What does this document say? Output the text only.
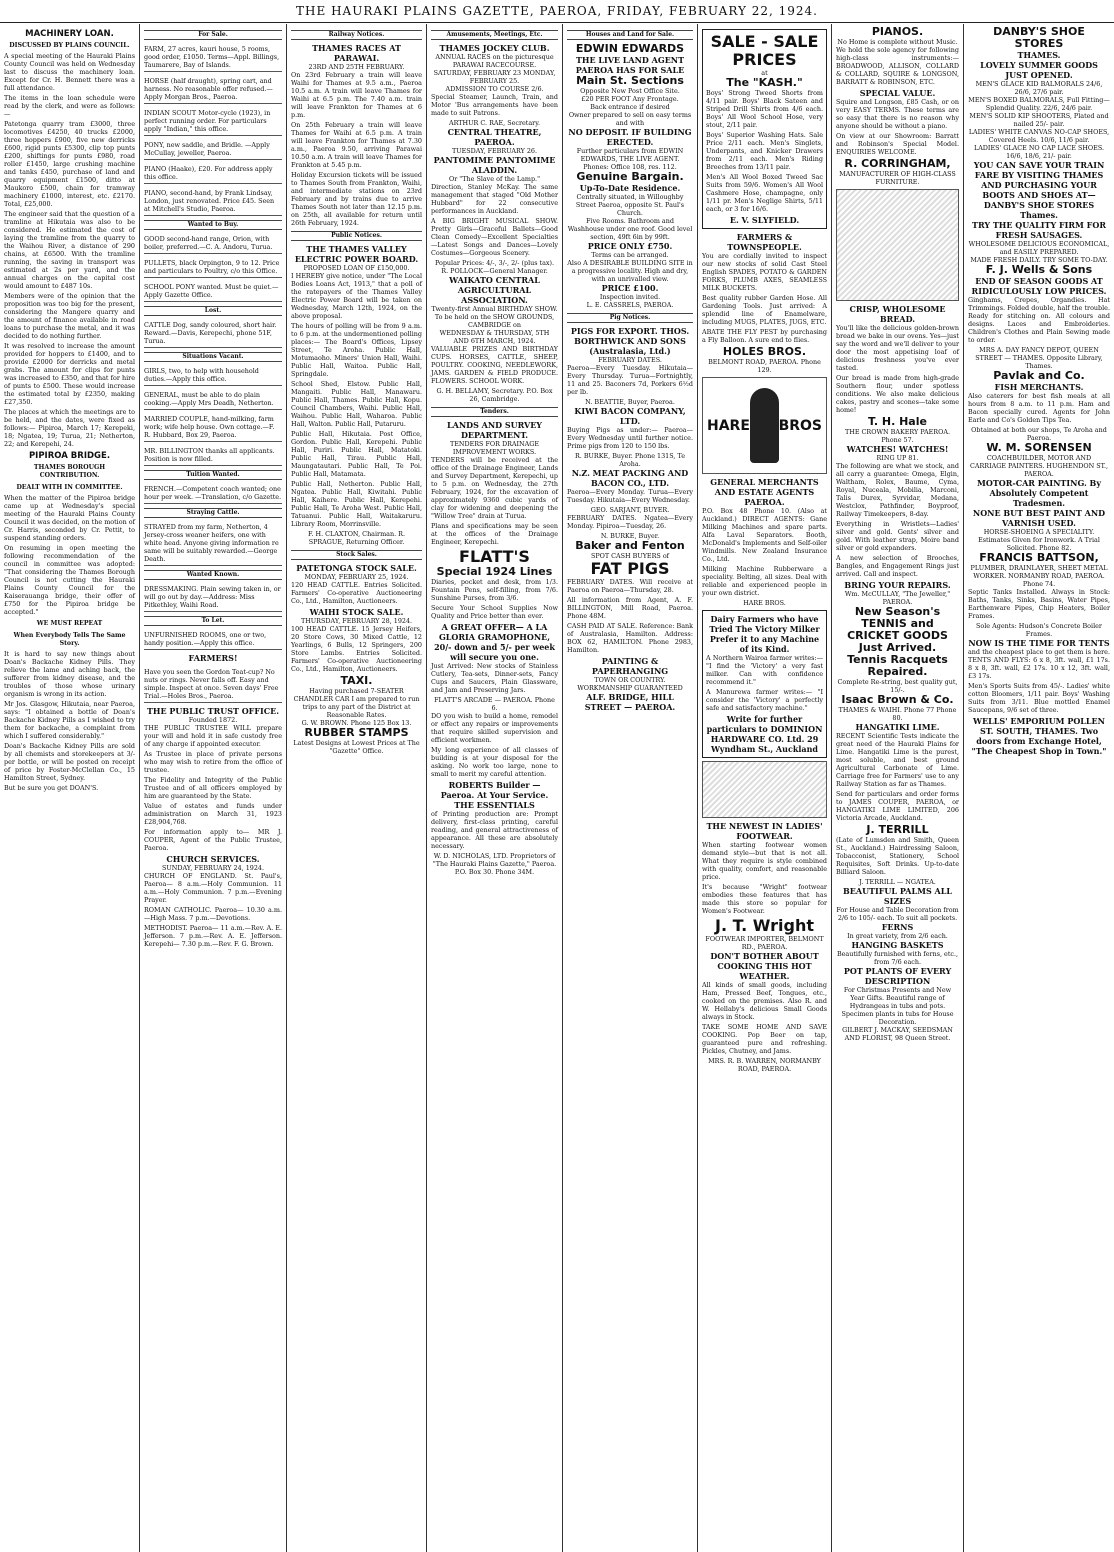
THE HAURAKI PLAINS GAZETTE, PAEROA, FRIDAY, FEBRUARY 22, 1924.
MACHINERY LOAN.
DISCUSSED BY PLAINS COUNCIL.

A special meeting of the Hauraki Plains County Council was held on Wednesday last to discuss the machinery loan. Except for Cr. H. Bennett there was a full attendance.

The items in the loan schedule were read by the clerk, and were as follows:—

Patetonga quarry tram £3000, three locomotives £4250, 40 trucks £2000, three hoppers £900, five new derricks £600, rigid punts £5300, clip top punts £200, shiftings for punts £980, road roller £1450, large crushing machine and tanks £450, purchase of land and quarry equipment £1500, ditto at Maukoro £500, chain for tramway machinery £1000, interest, etc. £2170. Total, £25,000.

The engineer said that the question of a tramline at Hikutaia was also to be considered. He estimated the cost of laying the tramline from the quarry to the Waihou River, a distance of 290 chains, at £6500. With the tramline running, the saving in transport was estimated at 2s per yard, and the annual charges on the capital cost would amount to £487 10s.

Members were of the opinion that the proposition was too big for the present, considering the Mangere quarry and the amount of finance available in road loans to purchase the metal, and it was decided to do nothing further.

It was resolved to increase the amount provided for hoppers to £1400, and to provide £2000 for derricks and metal grabs. The amount for clips for punts was increased to £350, and that for hire of punts to £500. These would increase the estimated total by £2350, making £27,350.

The places at which the meetings are to be held, and the dates, were fixed as follows:— Pipiroa, March 17; Kerepeki, 18; Ngatea, 19; Turua, 21; Netherton, 22; and Kerepehi, 24.

PIPIROA BRIDGE.
THAMES BOROUGH CONTRIBUTION.
DEALT WITH IN COMMITTEE.

When the matter of the Pipiroa bridge came up at Wednesday's special meeting of the Hauraki Plains County Council it was decided, on the motion of Cr. Harris, seconded by Cr. Pettit, to suspend standing orders.

On resuming in open meeting the following recommendation of the council in committee was adopted: "That considering the Thames Borough Council is not cutting the Hauraki Plains County Council for the Kaiserauanga bridge, their offer of £750 for the Pipiroa bridge be accepted."

WE MUST REPEAT
When Everybody Tells The Same Story.

It is hard to say new things about Doan's Backache Kidney Pills. They relieve the lame and aching back, the sufferer from kidney disease, and the troubles of those whose urinary organism is wrong in its action.

Mr Jos. Glasgow, Hikutaia, near Paeroa, says: "I obtained a bottle of Doan's Backache Kidney Pills as I wished to try them for backache, a complaint from which I suffered considerably."

Doan's Backache Kidney Pills are sold by all chemists and storekeepers at 3/- per bottle, or will be posted on receipt of price by Foster-McClellan Co., 15 Hamilton Street, Sydney.

But be sure you get DOAN'S.

For Sale.
FARM, 27 acres, kauri house, 5 rooms, good order, £1050. Terms—Appl. Billings, Taumarere, Bay of Islands.
HORSE (half draught), spring cart, and harness. No reasonable offer refused.—Apply Morgan Bros., Paeroa.
INDIAN SCOUT Motor-cycle (1923), in perfect running order. For particulars apply "Indian," this office.
PONY, new saddle, and Bridle. —Apply McCullay, jeweller, Paeroa.
PIANO (Haake), £20. For address apply this office.
PIANO, second-hand, by Frank Lindsay, London, just renovated. Price £45. Seen at Mitchell's Studio, Paeroa.
Wanted to Buy.
GOOD second-hand range, Orion, with boiler, preferred.—C. A. Andoru, Turua.
PULLETS, black Orpington, 9 to 12. Price and particulars to Poultry, c/o this Office.
SCHOOL PONY wanted. Must be quiet.—Apply Gazette Office.
Lost.
CATTLE Dog, sandy coloured, short hair. Reward.—Davis, Kerepechi, phone 51F, Turua.
Situations Vacant.
GIRLS, two, to help with household duties.—Apply this office.
GENERAL, must be able to do plain cooking.—Apply Mrs Deadh, Netherton.
MARRIED COUPLE, hand-milking, farm work; wife help house. Own cottage.—F. R. Hubbard, Box 29, Paeroa.
MR. BILLINGTON thanks all applicants. Position is now filled.
Tuition Wanted.
FRENCH.—Competent coach wanted; one hour per week. —Translation, c/o Gazette.
Straying Cattle.
STRAYED from my farm, Netherton, 4 Jersey-cross weaner heifers, one with white head. Anyone giving information re same will be suitably rewarded.—George Death.
Wanted Known.
DRESSMAKING. Plain sewing taken in, or will go out by day.—Address: Miss Pitkethley, Waihi Road.
To Let.
UNFURNISHED ROOMS, one or two, handy position.—Apply this office.
FARMERS!
Have you seen the Gordon Teat-cup? No nuts or rings. Never falls off. Easy and simple. Inspect at once. Seven days' Free Trial.—Holes Bros., Paeroa.
THE PUBLIC TRUST OFFICE.
Founded 1872.

THE PUBLIC TRUSTEE WILL prepare your will and hold it in safe custody free of any charge if appointed executor.

As Trustee in place of private persons who may wish to retire from the office of trustee.

The Fidelity and Integrity of the Public Trustee and of all officers employed by him are guaranteed by the State.

Value of estates and funds under administration on March 31, 1923 £28,904,768.

For information apply to— MR J. COUPER, Agent of the Public Trustee, Paeroa.

CHURCH SERVICES.
SUNDAY, FEBRUARY 24, 1924.

CHURCH OF ENGLAND. St. Paul's, Paeroa— 8 a.m.—Holy Communion. 11 a.m.—Holy Communion. 7 p.m.—Evening Prayer.

ROMAN CATHOLIC. Paeroa— 10.30 a.m.—High Mass. 7 p.m.—Devotions.

METHODIST. Paeroa— 11 a.m.—Rev. A. E. Jefferson. 7 p.m.—Rev. A. E. Jefferson. Kerepehi— 7.30 p.m.—Rev. F. G. Brown.

Railway Notices.
THAMES RACES AT PARAWAI.
23RD AND 25TH FEBRUARY.

On 23rd February a train will leave Waihi for Thames at 9.5 a.m., Paeroa 10.5 a.m. A train will leave Thames for Waihi at 6.5 p.m. The 7.40 a.m. train will leave Frankton for Thames at 6 p.m.

On 25th February a train will leave Thames for Waihi at 6.5 p.m. A train will leave Frankton for Thames at 7.30 a.m., Paeroa 9.50, arriving Parawai 10.50 a.m. A train will leave Thames for Frankton at 5.45 p.m.

Holiday Excursion tickets will be issued to Thames South from Frankton, Waihi, and intermediate stations on 23rd February and by trains due to arrive Thames South not later than 12.15 p.m. on 25th, all available for return until 26th February, 1924.

Public Notices.
THE THAMES VALLEY ELECTRIC POWER BOARD.
PROPOSED LOAN OF £150,000.

I HEREBY give notice, under "The Local Bodies Loans Act, 1913," that a poll of the ratepayers of the Thames Valley Electric Power Board will be taken on Wednesday, March 12th, 1924, on the above proposal.

The hours of polling will be from 9 a.m. to 6 p.m. at the undermentioned polling places:— The Board's Offices, Lipsey Street, Te Aroha. Public Hall, Motumaoho. Miners' Union Hall, Waihi. Public Hall, Waitoa. Public Hall, Springdale.

School Shed, Elstow. Public Hall, Mangaiti. Public Hall, Manawaru. Public Hall, Thames. Public Hall, Kopu. Council Chambers, Waihi. Public Hall, Waihou. Public Hall, Waharoa. Public Hall, Walton. Public Hall, Putaruru.

Public Hall, Hikutaia. Post Office, Gordon. Public Hall, Kerepehi. Public Hall, Puriri. Public Hall, Matatoki. Public Hall, Tirau. Public Hall, Maungatautari. Public Hall, Te Poi. Public Hall, Matamata.

Public Hall, Netherton. Public Hall, Ngatea. Public Hall, Kiwitahi. Public Hall, Kaihere. Public Hall, Kerepehi. Public Hall, Te Aroha West. Public Hall, Tatuanui. Public Hall, Waitakaruru. Library Room, Morrinsville.

F. H. CLAXTON, Chairman. R. SPRAGUE, Returning Officer.
Stock Sales.
PATETONGA STOCK SALE.
MONDAY, FEBRUARY 25, 1924.

120 HEAD CATTLE. Entries Solicited. Farmers' Co-operative Auctioneering Co., Ltd., Hamilton, Auctioneers.

WAIHI STOCK SALE.
THURSDAY, FEBRUARY 28, 1924.

100 HEAD CATTLE. 15 Jersey Heifers, 20 Store Cows, 30 Mixed Cattle, 12 Yearlings, 6 Bulls, 12 Springers, 200 Store Lambs. Entries Solicited. Farmers' Co-operative Auctioneering Co., Ltd., Hamilton, Auctioneers.

TAXI.
Having purchased 7-SEATER CHANDLER CAR I am prepared to run trips to any part of the District at Reasonable Rates.
G. W. BROWN. Phone 125 Box 13.
RUBBER STAMPS
Latest Designs at Lowest Prices at The "Gazette" Office.
Amusements, Meetings, Etc.
THAMES JOCKEY CLUB.
ANNUAL RACES on the picturesque PARAWAI RACECOURSE.
SATURDAY, FEBRUARY 23 MONDAY, FEBRUARY 25.
ADMISSION TO COURSE 2/6.

Special Steamer, Launch, Train, and Motor 'Bus arrangements have been made to suit Patrons.

ARTHUR C. RAE, Secretary.
CENTRAL THEATRE, PAEROA.
TUESDAY, FEBRUARY 26.
PANTOMIME PANTOMIME ALADDIN.
Or "The Slave of the Lamp."

Direction, Stanley McKay. The same management that staged "Old Mother Hubbard" for 22 consecutive performances in Auckland.

A BIG BRIGHT MUSICAL SHOW. Pretty Girls—Graceful Ballets—Good Clean Comedy—Excellent Specialties—Latest Songs and Dances—Lovely Costumes—Gorgeous Scenery.

Popular Prices: 4/-, 3/-, 2/- (plus tax).
R. POLLOCK—General Manager.
WAIKATO CENTRAL AGRICULTURAL ASSOCIATION.
Twenty-first Annual BIRTHDAY SHOW. To be held on the SHOW GROUNDS, CAMBRIDGE on
WEDNESDAY & THURSDAY, 5TH AND 6TH MARCH, 1924.

VALUABLE PRIZES AND BIRTHDAY CUPS. HORSES, CATTLE, SHEEP, POULTRY. COOKING, NEEDLEWORK, JAMS. GARDEN & FIELD PRODUCE. FLOWERS. SCHOOL WORK.

G. H. BELLAMY, Secretary. P.O. Box 26, Cambridge.
Tenders.
LANDS AND SURVEY DEPARTMENT.
TENDERS FOR DRAINAGE IMPROVEMENT WORKS.

TENDERS will be received at the office of the Drainage Engineer, Lands and Survey Department, Kerepechi, up to 5 p.m. on Wednesday, the 27th February, 1924, for the excavation of approximately 9360 cubic yards of clay for widening and deepening the "Willow Tree" drain at Turua.

Plans and specifications may be seen at the offices of the Drainage Engineer, Kerepechi.

FLATT'S
Special 1924 Lines

Diaries, pocket and desk, from 1/3. Fountain Pens, self-filling, from 7/6. Sunshine Purses, from 3/6.

Secure Your School Supplies Now Quality and Price better than ever.

A GREAT OFFER— A LA GLORIA GRAMOPHONE, 20/- down and 5/- per week will secure you one.

Just Arrived: New stocks of Stainless Cutlery, Tea-sets, Dinner-sets, Fancy Cups and Saucers, Plain Glassware, and Jam and Preserving Jars.

FLATT'S ARCADE — PAEROA. Phone 6.

DO you wish to build a home, remodel or effect any repairs or improvements that require skilled supervision and efficient workmen.

My long experience of all classes of building is at your disposal for the asking. No work too large, none to small to merit my careful attention.

ROBERTS Builder — Paeroa. At Your Service.
THE ESSENTIALS

of Printing production are: Prompt delivery, first-class printing, careful reading, and general attractiveness of appearance. All these are absolutely necessary.

W. D. NICHOLAS, LTD. Proprietors of "The Hauraki Plains Gazette," Paeroa. P.O. Box 30. Phone 34M.
Houses and Land for Sale.
EDWIN EDWARDS
THE LIVE LAND AGENT PAEROA HAS FOR SALE
Main St. Sections
Opposite New Post Office Site.
£20 PER FOOT Any Frontage.
Back entrance if desired
Owner prepared to sell on easy terms and with
NO DEPOSIT. IF BUILDING ERECTED.
Further particulars from EDWIN EDWARDS, THE LIVE AGENT. Phones: Office 108, res. 112.
Genuine Bargain.
Up-To-Date Residence.
Centrally situated, in Willoughby Street Paeroa, opposite St. Paul's Church.
Five Rooms. Bathroom and Washhouse under one roof. Good level section, 49ft 6in by 99ft.
PRICE ONLY £750.
Terms can be arranged.
Also A DESIRABLE BUILDING SITE in a progressive locality. High and dry, with an unrivalled view.
PRICE £100.
Inspection invited.
L. E. CASSRELS, PAEROA.
Pig Notices.
PIGS FOR EXPORT. THOS. BORTHWICK AND SONS (Australasia, Ltd.)
FEBRUARY DATES.

Paeroa—Every Tuesday. Hikutaia—Every Thursday. Turua—Fortnightly, 11 and 25. Baconers 7d, Porkers 6½d per lb.

N. BEATTIE, Buyer, Paeroa.
KIWI BACON COMPANY, LTD.

Buying Pigs as under:— Paeroa—Every Wednesday until further notice. Prime pigs from 120 to 150 lbs.

R. BURKE, Buyer. Phone 131S, Te Aroha.
N.Z. MEAT PACKING AND BACON CO., LTD.

Paeroa—Every Monday. Turua—Every Tuesday. Hikutaia—Every Wednesday.

GEO. SARJANT, BUYER.

FEBRUARY DATES. Ngatea—Every Monday. Pipiroa—Tuesday, 26.

N. BURKE, Buyer.
Baker and Fenton
SPOT CASH BUYERS of
FAT PIGS

FEBRUARY DATES. Will receive at Paeroa on Paeroa—Thursday, 28.

All information from Agent, A. F. BILLINGTON, Mill Road, Paeroa. Phone 48M.

CASH PAID AT SALE. Reference: Bank of Australasia, Hamilton. Address: BOX 62, HAMILTON. Phone 2983, Hamilton.

PAINTING & PAPERHANGING
TOWN OR COUNTRY. WORKMANSHIP GUARANTEED
ALF. BRIDGE, HILL STREET — PAEROA.
SALE - SALE
PRICES
at
The "KASH."

Boys' Strong Tweed Shorts from 4/11 pair. Boys' Black Sateen and Striped Drill Shirts from 4/6 each. Boys' All Wool School Hose, very stout, 2/11 pair.

Boys' Superior Washing Hats. Sale Price 2/11 each. Men's Singlets, Underpants, and Knicker Drawers from 2/11 each. Men's Riding Breeches from 13/11 pair.

Men's All Wool Boxed Tweed Sac Suits from 59/6. Women's All Wool Cashmere Hose, champagne, only 1/11 pr. Men's Neglige Shirts, 5/11 each, or 3 for 16/6.

E. V. SLYFIELD.
FARMERS & TOWNSPEOPLE.

You are cordially invited to inspect our new stocks of solid Cast Steel English SPADES, POTATO & GARDEN FORKS, PLUMB AXES, SEAMLESS MILK BUCKETS.

Best quality rubber Garden Hose. All Gardening Tools. Just arrived: A splendid line of Enamelware, including MUGS, PLATES, JUGS, ETC.

ABATE THE FLY PEST by purchasing a Fly Balloon. A sure end to flies.

HOLES BROS.
BELMONT ROAD, PAEROA. Phone 129.
HARE BROS
GENERAL MERCHANTS AND ESTATE AGENTS PAEROA.

P.O. Box 48 Phone 10. (Also at Auckland.) DIRECT AGENTS: Gane Milking Machines and spare parts. Alfa Laval Separators. Booth, McDonald's Implements and Self-oiler Windmills. New Zealand Insurance Co., Ltd.

Milking Machine Rubberware a speciality. Belting, all sizes. Deal with reliable and experienced people in your own district.

HARE BROS.
Dairy Farmers who have Tried The Victory Milker Prefer it to any Machine of its Kind.

A Northern Wairoa farmer writes:— "I find the 'Victory' a very fast milker. Can with confidence recommend it."

A Manurewa farmer writes:— "I consider the 'Victory' a perfectly safe and satisfactory machine."

Write for further particulars to DOMINION HARDWARE CO. Ltd. 29 Wyndham St., Auckland
THE NEWEST IN LADIES' FOOTWEAR.

When starting footwear women demand style—but that is not all. What they require is style combined with quality, comfort, and reasonable price.

It's because "Wright" footwear embodies these features that has made this store so popular for Women's Footwear.

J. T. Wright
FOOTWEAR IMPORTER, BELMONT RD., PAEROA.
DON'T BOTHER ABOUT COOKING THIS HOT WEATHER.

All kinds of small goods, including Ham, Pressed Beef, Tongues, etc., cooked on the premises. Also R. and W. Hellaby's delicious Small Goods always in Stock.

TAKE SOME HOME AND SAVE COOKING. Pop Beer on tap, guaranteed pure and refreshing. Pickles, Chutney, and Jams.

MRS. R. B. WARREN, NORMANBY ROAD, PAEROA.
PIANOS.
No Home is complete without Music.

We hold the sole agency for following high-class instruments:— BROADWOOD, ALLISON, COLLARD & COLLARD, SQUIRE & LONGSON, BARRATT & ROBINSON, ETC.

SPECIAL VALUE.

Squire and Longson, £85 Cash, or on very EASY TERMS. These terms are so easy that there is no reason why anyone should be without a piano.

On view at our Showroom: Barratt and Robinson's Special Model. ENQUIRIES WELCOME.

R. CORRINGHAM,
MANUFACTURER OF HIGH-CLASS FURNITURE.
CRISP, WHOLESOME BREAD.

You'll like the delicious golden-brown bread we bake in our ovens. Yes—just say the word and we'll deliver to your door the most appetising loaf of delicious freshness you've ever tasted.

Our bread is made from high-grade Southern flour, under spotless conditions. We also make delicious cakes, pastry and scones—take some home!

T. H. Hale
THE CROWN BAKERY PAEROA. Phone 57.
WATCHES! WATCHES!
RING UP 81.

The following are what we stock, and all carry a guarantee: Omega, Elgin, Waltham, Rolex, Baume, Cyma, Royal, Nuceala, Mobilia, Marconi, Talis Durex, Syrvidar, Medana, Westclox, Pathfinder, Boyproof, Railway Timekeepers, 8-day.

Everything in Wristlets—Ladies' silver and gold. Gents' silver and gold. With leather strap, Moire band silver or gold expanders.

A new selection of Brooches, Bangles, and Engagement Rings just arrived. Call and inspect.

BRING YOUR REPAIRS.
Wm. McCULLAY, "The Jeweller," PAEROA.
New Season's TENNIS and CRICKET GOODS
Just Arrived.
Tennis Racquets Repaired.
Complete Re-string, best quality gut, 15/-.
Isaac Brown & Co.
THAMES & WAIHI. Phone 77 Phone 80.
HANGATIKI LIME.

RECENT Scientific Tests indicate the great need of the Hauraki Plains for Lime. Hangatiki Lime is the purest, most soluble, and best ground Agricultural Carbonate of Lime. Carriage free for Farmers' use to any Railway Station as far as Thames.

Send for particulars and order forms to JAMES COUPER, PAEROA, or HANGATIKI LIME LIMITED, 206 Victoria Arcade, Auckland.

J. TERRILL

(Late of Lumsden and Smith, Queen St., Auckland.) Hairdressing Saloon, Tobacconist, Stationery, School Requisites, Soft Drinks. Up-to-date Billiard Saloon.

J. TERRILL — NGATEA.
BEAUTIFUL PALMS ALL SIZES
For House and Table Decoration from 2/6 to 105/- each. To suit all pockets.
FERNS
In great variety, from 2/6 each.
HANGING BASKETS
Beautifully furnished with ferns, etc., from 7/6 each.
POT PLANTS OF EVERY DESCRIPTION
For Christmas Presents and New Year Gifts. Beautiful range of Hydrangeas in tubs and pots. Specimen plants in tubs for House Decoration.
GILBERT J. MACKAY, SEEDSMAN AND FLORIST, 98 Queen Street.
DANBY'S SHOE STORES
THAMES.
LOVELY SUMMER GOODS JUST OPENED.
MEN'S GLACE KID BALMORALS 24/6, 26/6, 27/6 pair.
MEN'S BOXED BALMORALS, Full Fitting—Splendid Quality. 22/6, 24/6 pair.
MEN'S SOLID KIP SHOOTERS, Plated and nailed 25/- pair.
LADIES' WHITE CANVAS NO-CAP SHOES, Covered Heels. 10/6, 11/6 pair.
LADIES' GLACE NO CAP LACE SHOES. 16/6, 18/6, 21/- pair.
YOU CAN SAVE YOUR TRAIN FARE BY VISITING THAMES AND PURCHASING YOUR BOOTS AND SHOES AT—
DANBY'S SHOE STORES Thames.
TRY THE QUALITY FIRM FOR FRESH SAUSAGES.
WHOLESOME DELICIOUS ECONOMICAL, and EASILY PREPARED.
MADE FRESH DAILY. TRY SOME TO-DAY.
F. J. Wells & Sons
END OF SEASON GOODS AT RIDICULOUSLY LOW PRICES.

Ginghams, Crepes, Organdies. Hat Trimmings. Folded double, half the trouble. Ready for stitching on. All colours and designs. Laces and Embroideries. Children's Clothes and Plain Sewing made to order.

MRS A. DAY FANCY DEPOT, QUEEN STREET — THAMES. Opposite Library, Thames.
Pavlak and Co.
FISH MERCHANTS.

Also caterers for best fish meals at all hours from 8 a.m. to 11 p.m. Ham and Bacon specially cured. Agents for John Earle and Co's Golden Tips Tea.

Obtained at both our shops, Te Aroha and Paeroa.
W. M. SORENSEN
COACHBUILDER, MOTOR AND CARRIAGE PAINTERS. HUGHENDON ST., PAEROA.
MOTOR-CAR PAINTING. By Absolutely Competent Tradesmen.
NONE BUT BEST PAINT AND VARNISH USED.
HORSE-SHOEING A SPECIALITY. Estimates Given for Ironwork. A Trial Solicited. Phone 82.
FRANCIS BATTSON,
PLUMBER, DRAINLAYER, SHEET METAL WORKER. NORMANBY ROAD, PAEROA. Phone 74.

Septic Tanks Installed. Always in Stock: Baths, Tanks, Sinks, Basins, Water Pipes, Earthenware Pipes, Chip Heaters, Boiler Frames.

Sole Agents: Hudson's Concrete Boiler Frames.
NOW IS THE TIME FOR TENTS

and the cheapest place to get them is here. TENTS AND FLYS: 6 x 8, 3ft. wall, £1 17s. 8 x 8, 3ft. wall, £2 17s. 10 x 12, 3ft. wall, £3 17s.

Men's Sports Suits from 45/-. Ladies' white cotton Bloomers, 1/11 pair. Boys' Washing Suits from 3/11. Blue mottled Enamel Saucepans, 9/6 set of three.

WELLS' EMPORIUM POLLEN ST. SOUTH, THAMES. Two doors from Exchange Hotel, "The Cheapest Shop in Town."
